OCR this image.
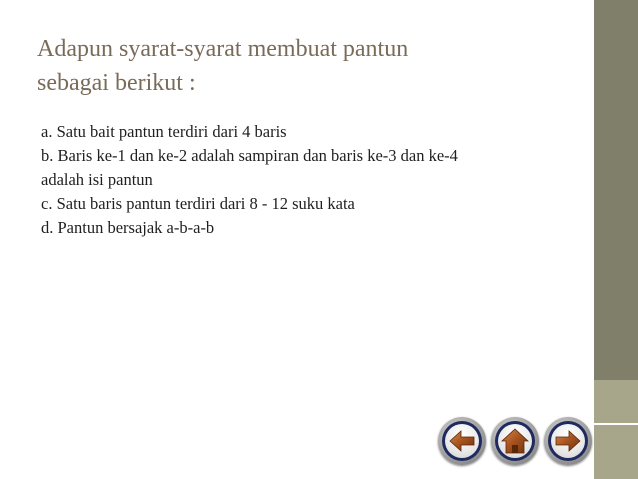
Adapun syarat-syarat membuat pantun
sebagai berikut :
a. Satu bait pantun terdiri dari 4 baris
b. Baris ke-1 dan ke-2 adalah sampiran dan baris ke-3 dan ke-4
adalah isi pantun
c. Satu baris pantun terdiri dari 8 - 12 suku kata
d. Pantun bersajak a-b-a-b
